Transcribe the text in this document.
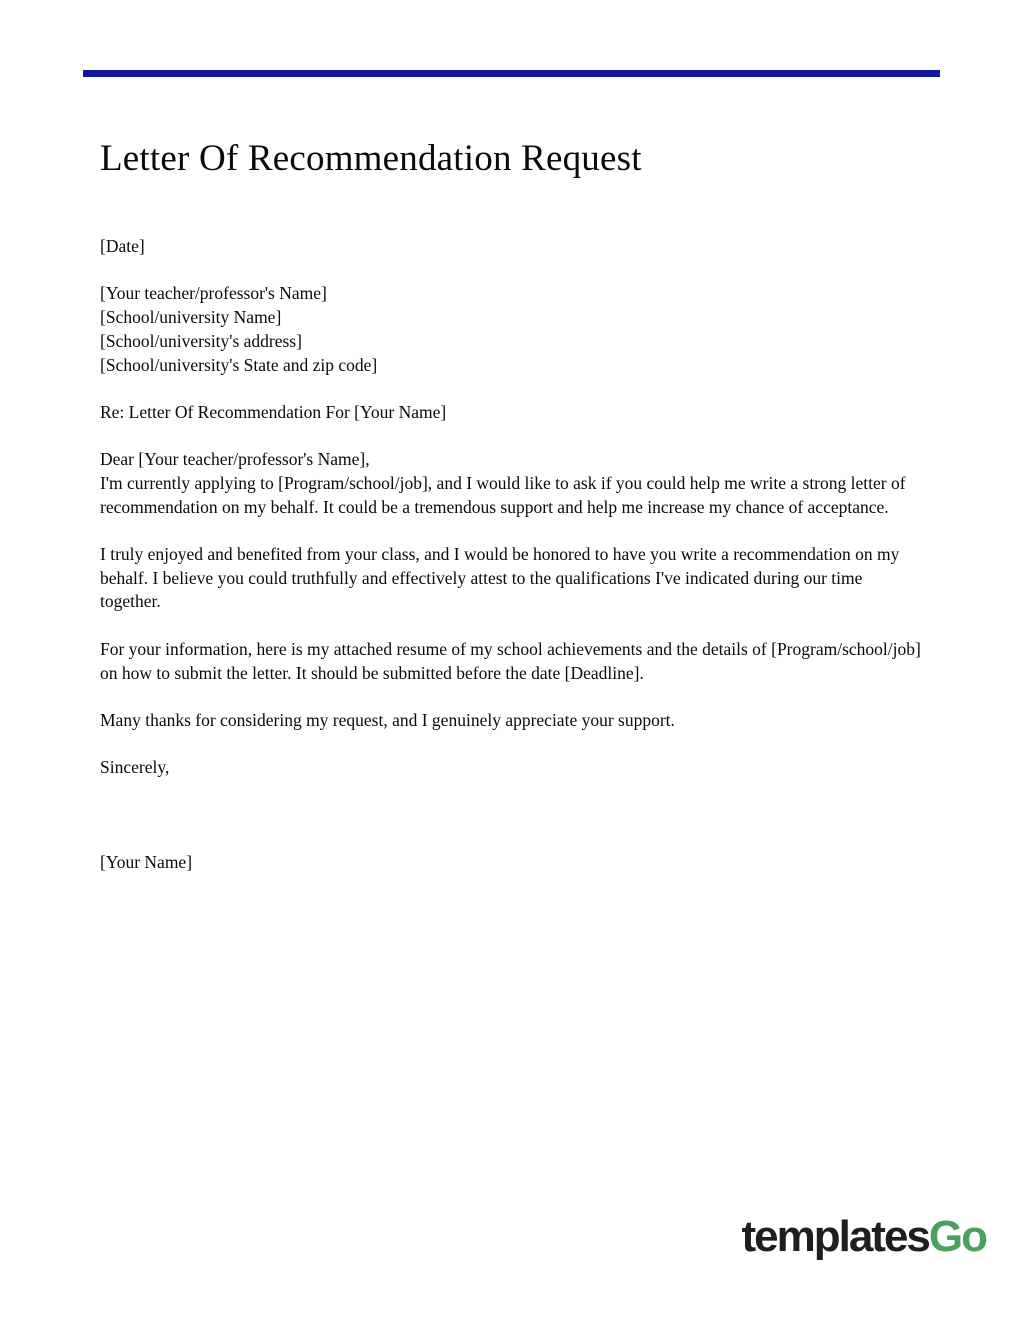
Letter Of Recommendation Request
[Date]
[Your teacher/professor's Name]
[School/university Name]
[School/university's address]
[School/university's State and zip code]
Re: Letter Of Recommendation For [Your Name]
Dear [Your teacher/professor's Name],
I'm currently applying to [Program/school/job], and I would like to ask if you could help me write a strong letter of recommendation on my behalf. It could be a tremendous support and help me increase my chance of acceptance.
I truly enjoyed and benefited from your class, and I would be honored to have you write a recommendation on my behalf. I believe you could truthfully and effectively attest to the qualifications I've indicated during our time together.
For your information, here is my attached resume of my school achievements and the details of [Program/school/job] on how to submit the letter. It should be submitted before the date [Deadline].
Many thanks for considering my request, and I genuinely appreciate your support.
Sincerely,
[Your Name]
templatesGo
